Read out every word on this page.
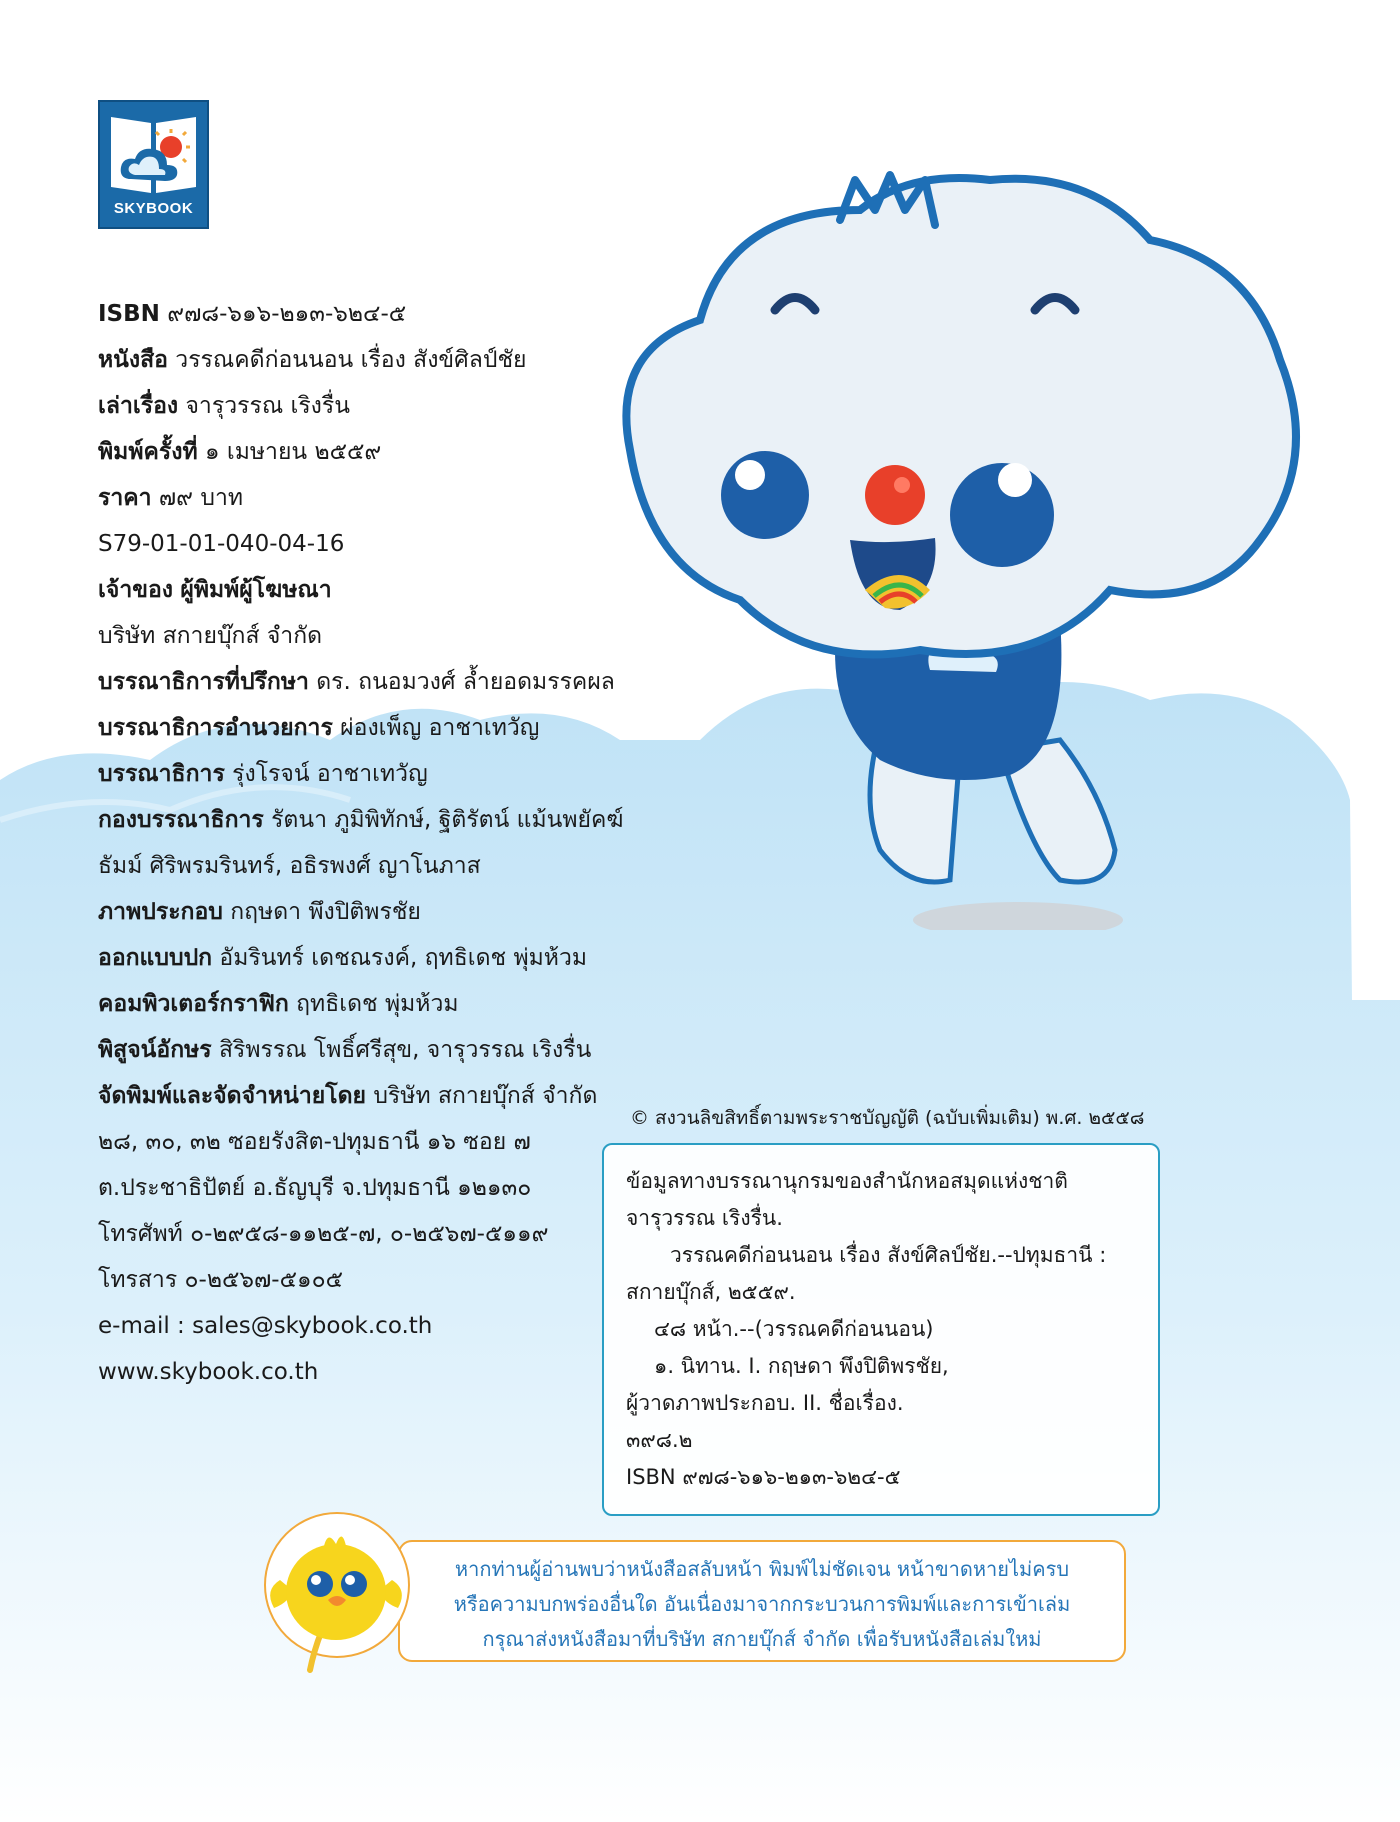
SKYBOOK
ISBN ๙๗๘-๖๑๖-๒๑๓-๖๒๔-๕
หนังสือ วรรณคดีก่อนนอน เรื่อง สังข์ศิลป์ชัย
เล่าเรื่อง จารุวรรณ เริงรื่น
พิมพ์ครั้งที่ ๑ เมษายน ๒๕๕๙
ราคา ๗๙ บาท
S79-01-01-040-04-16
เจ้าของ ผู้พิมพ์ผู้โฆษณา
บริษัท สกายบุ๊กส์ จำกัด
บรรณาธิการที่ปรึกษา ดร. ถนอมวงศ์ ล้ำยอดมรรคผล
บรรณาธิการอำนวยการ ผ่องเพ็ญ อาชาเทวัญ
บรรณาธิการ รุ่งโรจน์ อาชาเทวัญ
กองบรรณาธิการ รัตนา ภูมิพิทักษ์, ฐิติรัตน์ แม้นพยัคฆ์
ธัมม์ ศิริพรมรินทร์, อธิรพงศ์ ญาโนภาส
ภาพประกอบ กฤษดา พึงปิติพรชัย
ออกแบบปก อัมรินทร์ เดชณรงค์, ฤทธิเดช พุ่มห้วม
คอมพิวเตอร์กราฟิก ฤทธิเดช พุ่มห้วม
พิสูจน์อักษร สิริพรรณ โพธิ์ศรีสุข, จารุวรรณ เริงรื่น
จัดพิมพ์และจัดจำหน่ายโดย บริษัท สกายบุ๊กส์ จำกัด
๒๘, ๓๐, ๓๒ ซอยรังสิต-ปทุมธานี ๑๖ ซอย ๗
ต.ประชาธิปัตย์ อ.ธัญบุรี จ.ปทุมธานี ๑๒๑๓๐
โทรศัพท์ ๐-๒๙๕๘-๑๑๒๕-๗, ๐-๒๕๖๗-๕๑๑๙
โทรสาร ๐-๒๕๖๗-๕๑๐๕
e-mail : sales@skybook.co.th
www.skybook.co.th
© สงวนลิขสิทธิ์ตามพระราชบัญญัติ (ฉบับเพิ่มเติม) พ.ศ. ๒๕๕๘
ข้อมูลทางบรรณานุกรมของสำนักหอสมุดแห่งชาติ
จารุวรรณ เริงรื่น.
วรรณคดีก่อนนอน เรื่อง สังข์ศิลป์ชัย.--ปทุมธานี :
สกายบุ๊กส์, ๒๕๕๙.
๔๘ หน้า.--(วรรณคดีก่อนนอน)
๑. นิทาน. I. กฤษดา พึงปิติพรชัย,
ผู้วาดภาพประกอบ. II. ชื่อเรื่อง.
๓๙๘.๒
ISBN ๙๗๘-๖๑๖-๒๑๓-๖๒๔-๕
หากท่านผู้อ่านพบว่าหนังสือสลับหน้า พิมพ์ไม่ชัดเจน หน้าขาดหายไม่ครบ
หรือความบกพร่องอื่นใด อันเนื่องมาจากกระบวนการพิมพ์และการเข้าเล่ม
กรุณาส่งหนังสือมาที่บริษัท สกายบุ๊กส์ จำกัด เพื่อรับหนังสือเล่มใหม่
